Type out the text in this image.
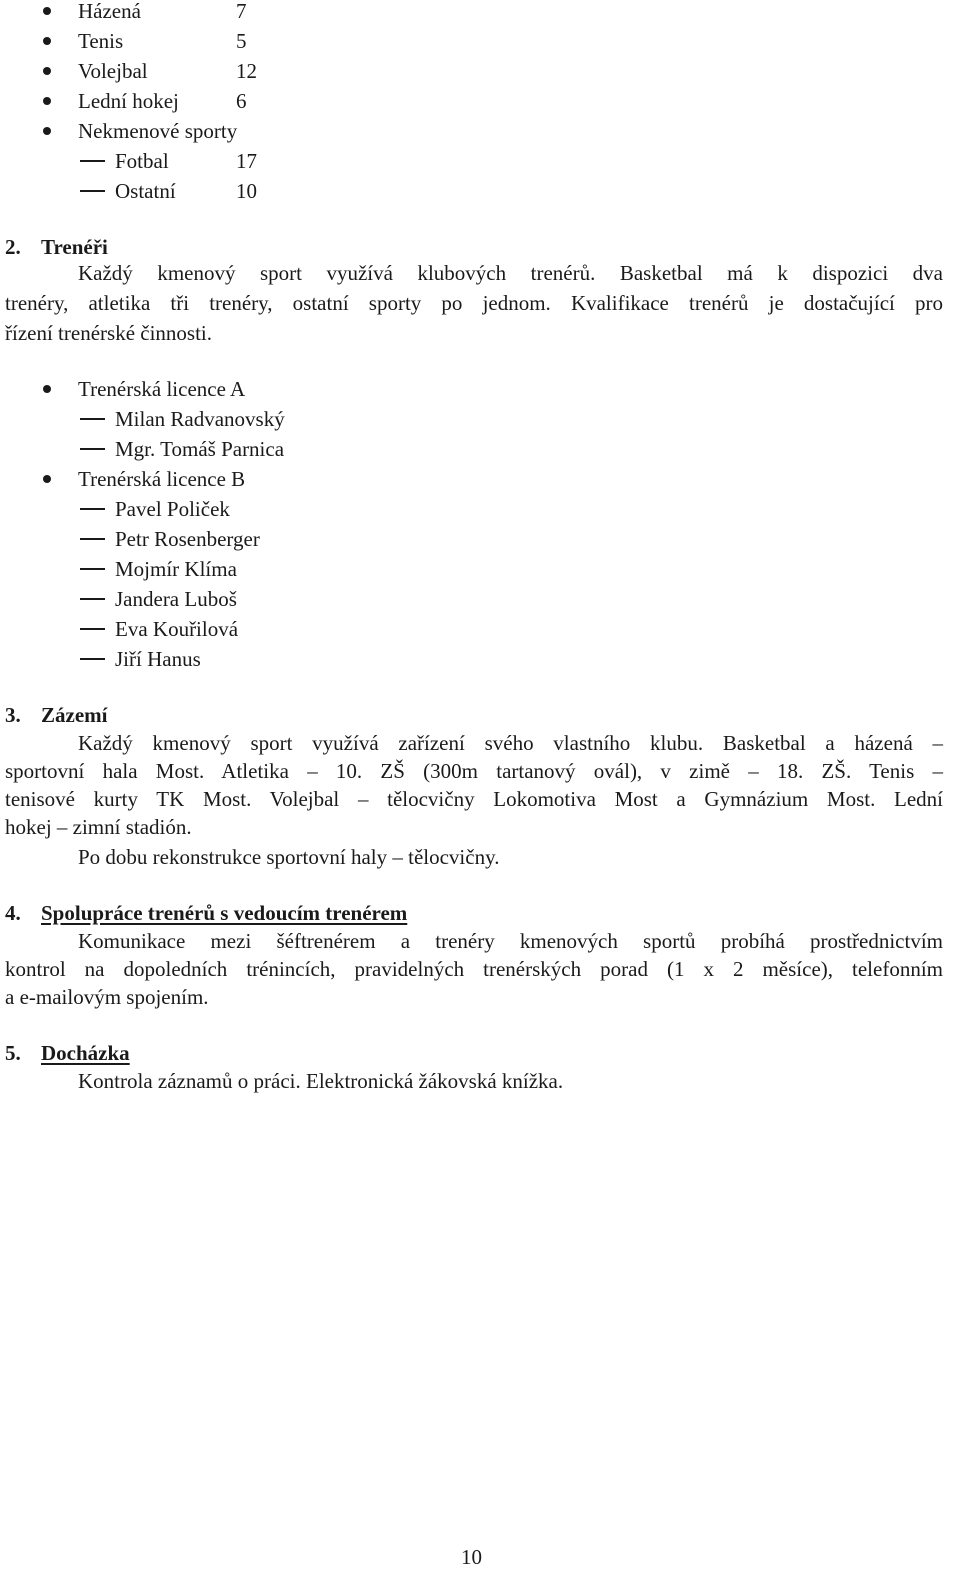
Házená	7
Tenis	5
Volejbal	12
Lední hokej	6
Nekmenové sporty
Fotbal	17
Ostatní	10
2. Trenéři
Každý kmenový sport využívá klubových trenérů. Basketbal má k dispozici dva
trenéry, atletika tři trenéry, ostatní sporty po jednom. Kvalifikace trenérů je dostačující pro
řízení trenérské činnosti.
Trenérská licence A
Milan Radvanovský
Mgr. Tomáš Parnica
Trenérská licence B
Pavel Poliček
Petr Rosenberger
Mojmír Klíma
Jandera Luboš
Eva Kouřilová
Jiří Hanus
3. Zázemí
Každý kmenový sport využívá zařízení svého vlastního klubu. Basketbal a házená –
sportovní hala Most. Atletika – 10. ZŠ (300m tartanový ovál), v zimě – 18. ZŠ. Tenis –
tenisové kurty TK Most. Volejbal – tělocvičny Lokomotiva Most a Gymnázium Most. Lední
hokej – zimní stadión.
Po dobu rekonstrukce sportovní haly – tělocvičny.
4. Spolupráce trenérů s vedoucím trenérem
Komunikace mezi šéftrenérem a trenéry kmenových sportů probíhá prostřednictvím
kontrol na dopoledních trénincích, pravidelných trenérských porad (1 x 2 měsíce), telefonním
a e-mailovým spojením.
5. Docházka
Kontrola záznamů o práci. Elektronická žákovská knížka.
10
